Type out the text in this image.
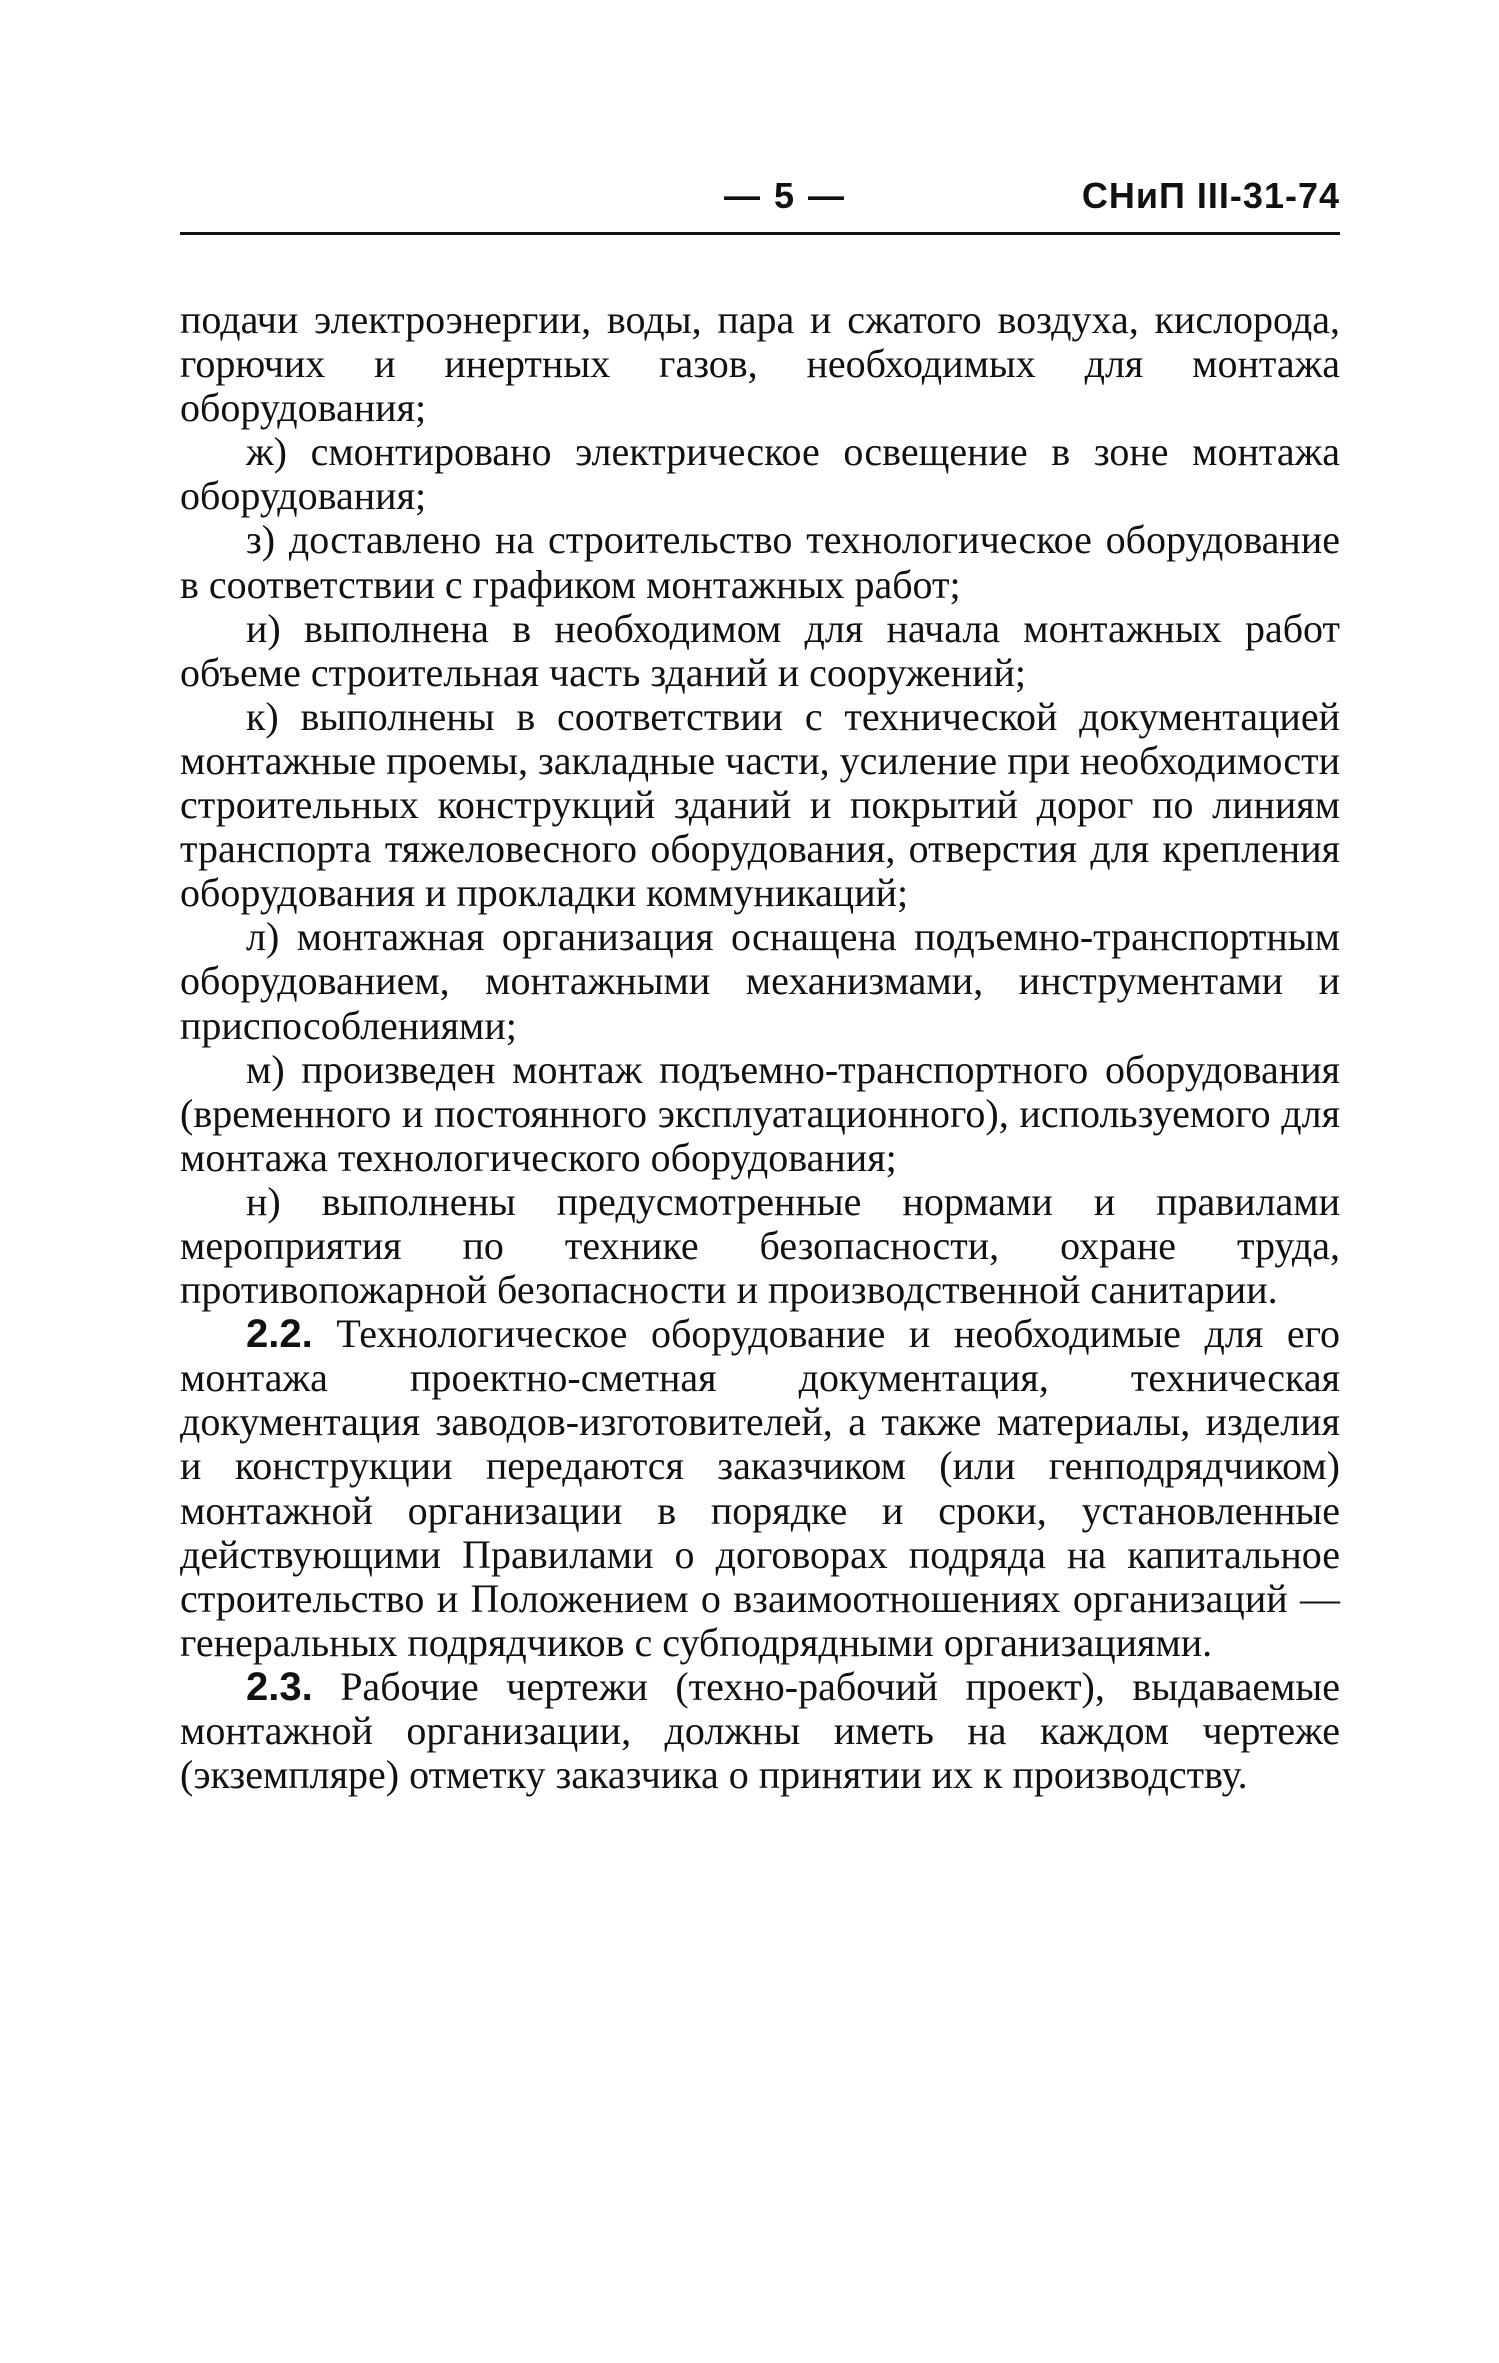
— 5 —	СНиП III-31-74

подачи электроэнергии, воды, пара и сжатого воздуха, кислорода, горючих и инертных газов, необходимых для монтажа оборудования;

ж) смонтировано электрическое освещение в зоне монтажа оборудования;

з) доставлено на строительство технологическое оборудование в соответствии с графиком монтажных работ;

и) выполнена в необходимом для начала монтажных работ объеме строительная часть зданий и сооружений;

к) выполнены в соответствии с технической документацией монтажные проемы, закладные части, усиление при необходимости строительных конструкций зданий и покрытий дорог по линиям транспорта тяжеловесного оборудования, отверстия для крепления оборудования и прокладки коммуникаций;

л) монтажная организация оснащена подъемно-транспортным оборудованием, монтажными механизмами, инструментами и приспособлениями;

м) произведен монтаж подъемно-транспортного оборудования (временного и постоянного эксплуатационного), используемого для монтажа технологического оборудования;

н) выполнены предусмотренные нормами и правилами мероприятия по технике безопасности, охране труда, противопожарной безопасности и производственной санитарии.

2.2. Технологическое оборудование и необходимые для его монтажа проектно-сметная документация, техническая документация заводов-изготовителей, а также материалы, изделия и конструкции передаются заказчиком (или генподрядчиком) монтажной организации в порядке и сроки, установленные действующими Правилами о договорах подряда на капитальное строительство и Положением о взаимоотношениях организаций — генеральных подрядчиков с субподрядными организациями.

2.3. Рабочие чертежи (техно-рабочий проект), выдаваемые монтажной организации, должны иметь на каждом чертеже (экземпляре) отметку заказчика о принятии их к производству.
